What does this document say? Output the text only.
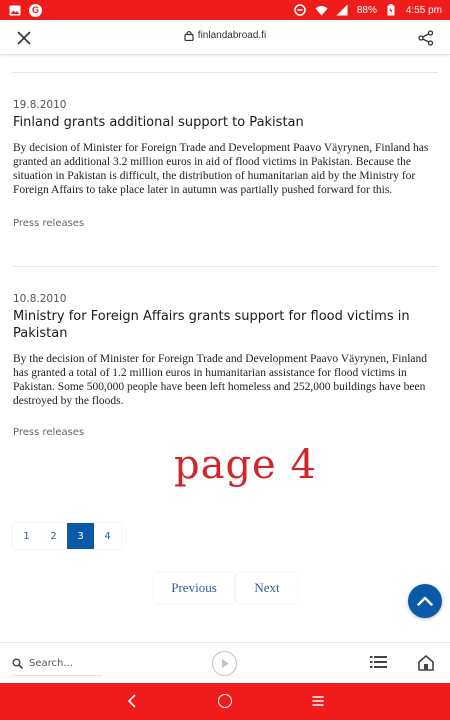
G	88%	4:55 pm
finlandabroad.fi
19.8.2010
Finland grants additional support to Pakistan
By decision of Minister for Foreign Trade and Development Paavo Väyrynen, Finland has granted an additional 3.2 million euros in aid of flood victims in Pakistan. Because the situation in Pakistan is difficult, the distribution of humanitarian aid by the Ministry for Foreign Affairs to take place later in autumn was partially pushed forward for this.
Press releases
10.8.2010
Ministry for Foreign Affairs grants support for flood victims in Pakistan
By the decision of Minister for Foreign Trade and Development Paavo Väyrynen, Finland has granted a total of 1.2 million euros in humanitarian assistance for flood victims in Pakistan. Some 500,000 people have been left homeless and 252,000 buildings have been destroyed by the floods.
Press releases
page 4
1	2	3	4
Previous	Next
Search...
